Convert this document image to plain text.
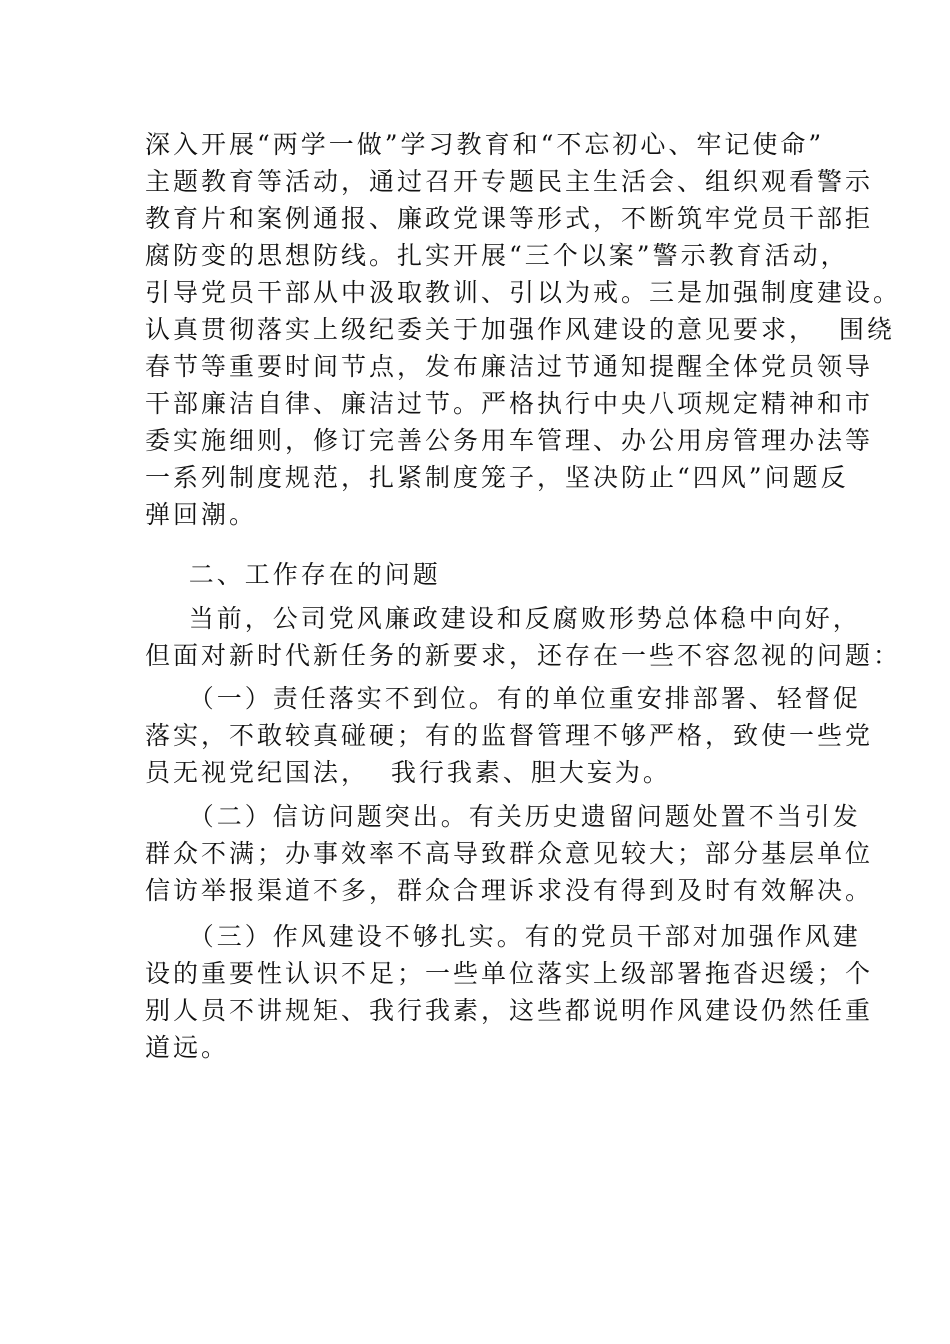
深入开展“两学一做”学习教育和“不忘初心、牢记使命”
主题教育等活动，通过召开专题民主生活会、组织观看警示
教育片和案例通报、廉政党课等形式，不断筑牢党员干部拒
腐防变的思想防线。扎实开展“三个以案”警示教育活动，
引导党员干部从中汲取教训、引以为戒。三是加强制度建设。
认真贯彻落实上级纪委关于加强作风建设的意见要求，  围绕
春节等重要时间节点，发布廉洁过节通知提醒全体党员领导
干部廉洁自律、廉洁过节。严格执行中央八项规定精神和市
委实施细则，修订完善公务用车管理、办公用房管理办法等
一系列制度规范，扎紧制度笼子，坚决防止“四风”问题反
弹回潮。

二、工作存在的问题

当前，公司党风廉政建设和反腐败形势总体稳中向好，
但面对新时代新任务的新要求，还存在一些不容忽视的问题：

（一）责任落实不到位。有的单位重安排部署、轻督促
落实，不敢较真碰硬；有的监督管理不够严格，致使一些党
员无视党纪国法，  我行我素、胆大妄为。

（二）信访问题突出。有关历史遗留问题处置不当引发
群众不满；办事效率不高导致群众意见较大；部分基层单位
信访举报渠道不多，群众合理诉求没有得到及时有效解决。

（三）作风建设不够扎实。有的党员干部对加强作风建
设的重要性认识不足；一些单位落实上级部署拖沓迟缓；个
别人员不讲规矩、我行我素，这些都说明作风建设仍然任重
道远。
